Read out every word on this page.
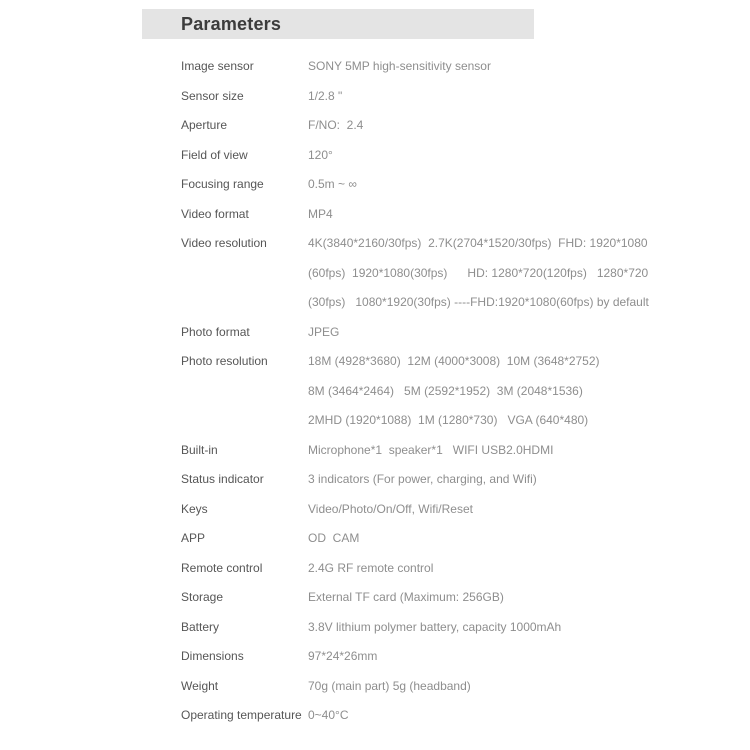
Parameters
Image sensor	SONY 5MP high-sensitivity sensor
Sensor size	1/2.8 "
Aperture	F/NO:  2.4
Field of view	120°
Focusing range	0.5m ~ ∞
Video format	MP4
Video resolution	4K(3840*2160/30fps)  2.7K(2704*1520/30fps)  FHD: 1920*1080
(60fps)  1920*1080(30fps)      HD: 1280*720(120fps)   1280*720
(30fps)   1080*1920(30fps) ----FHD:1920*1080(60fps) by default
Photo format	JPEG
Photo resolution	18M (4928*3680)  12M (4000*3008)  10M (3648*2752)
8M (3464*2464)   5M (2592*1952)  3M (2048*1536)
2MHD (1920*1088)  1M (1280*730)   VGA (640*480)
Built-in	Microphone*1  speaker*1   WIFI USB2.0HDMI
Status indicator	3 indicators (For power, charging, and Wifi)
Keys	Video/Photo/On/Off, Wifi/Reset
APP	OD  CAM
Remote control	2.4G RF remote control
Storage	External TF card (Maximum: 256GB)
Battery	3.8V lithium polymer battery, capacity 1000mAh
Dimensions	97*24*26mm
Weight	70g (main part) 5g (headband)
Operating temperature 0~40°C
